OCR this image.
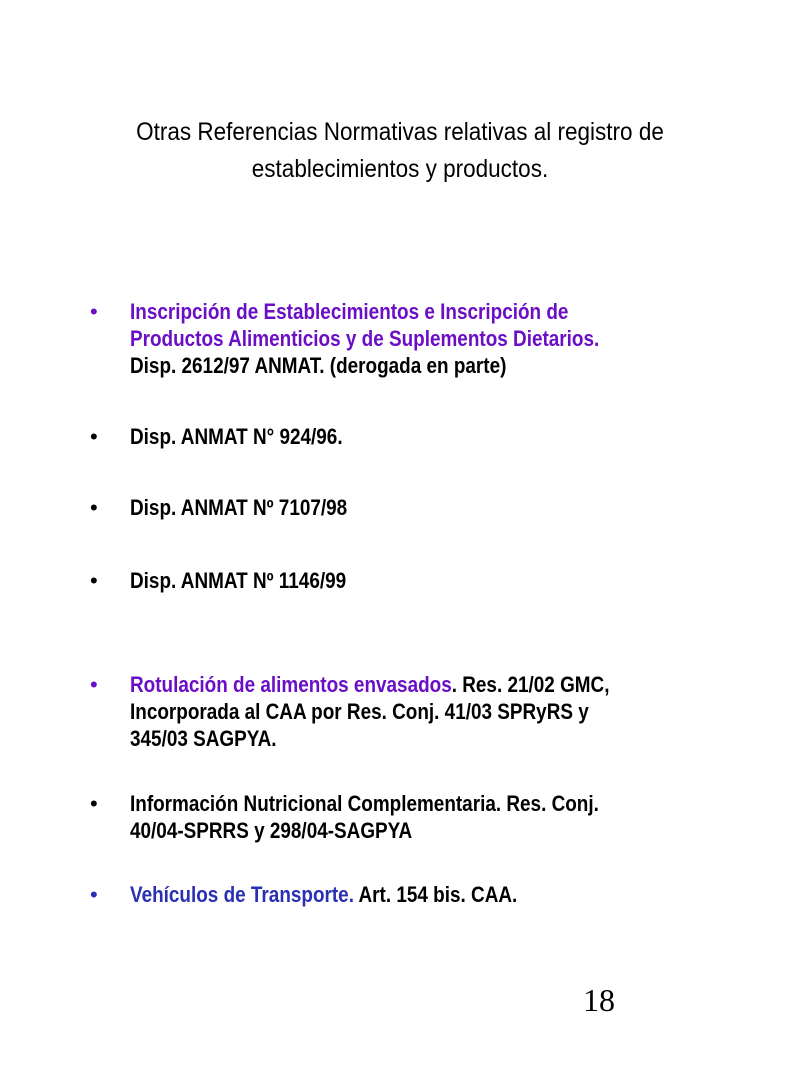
Otras Referencias Normativas relativas al registro de
establecimientos y productos.
• Inscripción de Establecimientos e Inscripción de
Productos Alimenticios y de Suplementos Dietarios.
Disp. 2612/97 ANMAT. (derogada en parte)
• Disp. ANMAT N° 924/96.
• Disp. ANMAT Nº 7107/98
• Disp. ANMAT Nº 1146/99
• Rotulación de alimentos envasados. Res. 21/02 GMC,
Incorporada al CAA por Res. Conj. 41/03 SPRyRS y
345/03 SAGPYA.
• Información Nutricional Complementaria. Res. Conj.
40/04-SPRRS y 298/04-SAGPYA
• Vehículos de Transporte. Art. 154 bis. CAA.
18
